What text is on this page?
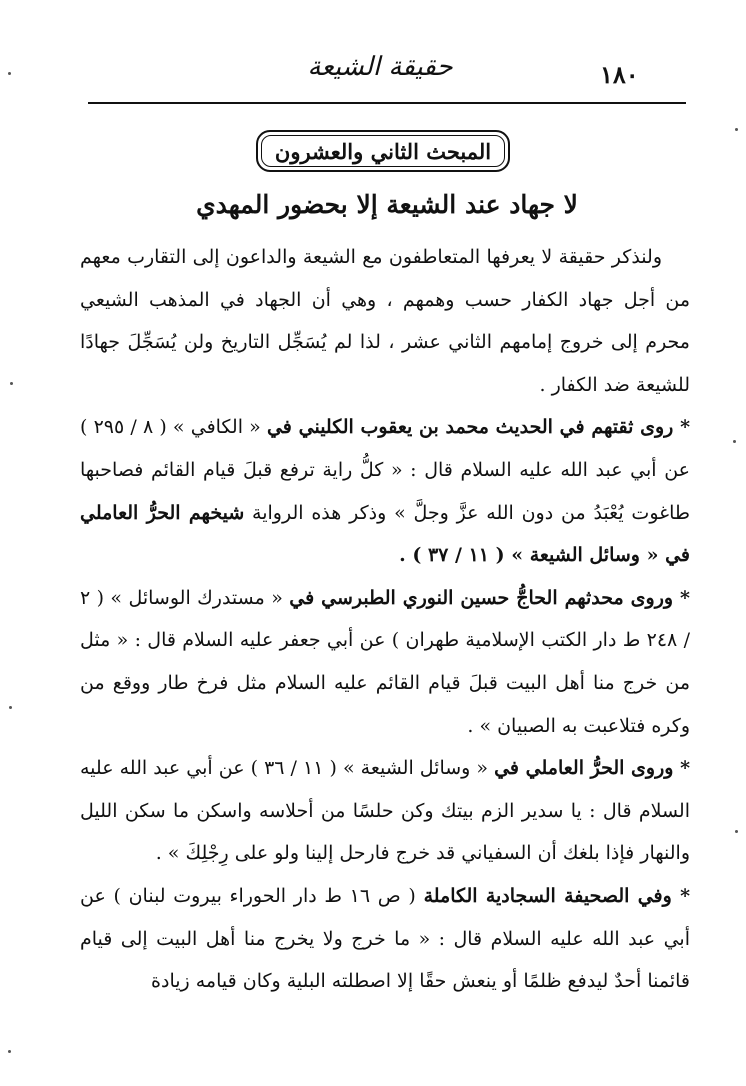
١٨٠
حقيقة الشيعة
المبحث الثاني والعشرون
لا جهاد عند الشيعة إلا بحضور المهدي

ولنذكر حقيقة لا يعرفها المتعاطفون مع الشيعة والداعون إلى التقارب معهم من أجل جهاد الكفار حسب وهمهم ، وهي أن الجهاد في المذهب الشيعي محرم إلى خروج إمامهم الثاني عشر ، لذا لم يُسَجِّل التاريخ ولن يُسَجِّلَ جهادًا للشيعة ضد الكفار .

* روى ثقتهم في الحديث محمد بن يعقوب الكليني في « الكافي » ( ٨ / ٢٩٥ ) عن أبي عبد الله عليه السلام قال : « كلُّ راية ترفع قبلَ قيام القائم فصاحبها طاغوت يُعْبَدُ من دون الله عزَّ وجلَّ » وذكر هذه الرواية شيخهم الحرُّ العاملي في « وسائل الشيعة » ( ١١ / ٣٧ ) .

* وروى محدثهم الحاجُّ حسين النوري الطبرسي في « مستدرك الوسائل » ( ٢ / ٢٤٨ ط دار الكتب الإسلامية طهران ) عن أبي جعفر عليه السلام قال : « مثل من خرج منا أهل البيت قبلَ قيام القائم عليه السلام مثل فرخ طار ووقع من وكره فتلاعبت به الصبيان » .

* وروى الحرُّ العاملي في « وسائل الشيعة » ( ١١ / ٣٦ ) عن أبي عبد الله عليه السلام قال : يا سدير الزم بيتك وكن حلسًا من أحلاسه واسكن ما سكن الليل والنهار فإذا بلغك أن السفياني قد خرج فارحل إلينا ولو على رِجْلِكَ » .

* وفي الصحيفة السجادية الكاملة ( ص ١٦ ط دار الحوراء بيروت لبنان ) عن أبي عبد الله عليه السلام قال : « ما خرج ولا يخرج منا أهل البيت إلى قيام قائمنا أحدٌ ليدفع ظلمًا أو ينعش حقًا إلا اصطلته البلية وكان قيامه زيادة
